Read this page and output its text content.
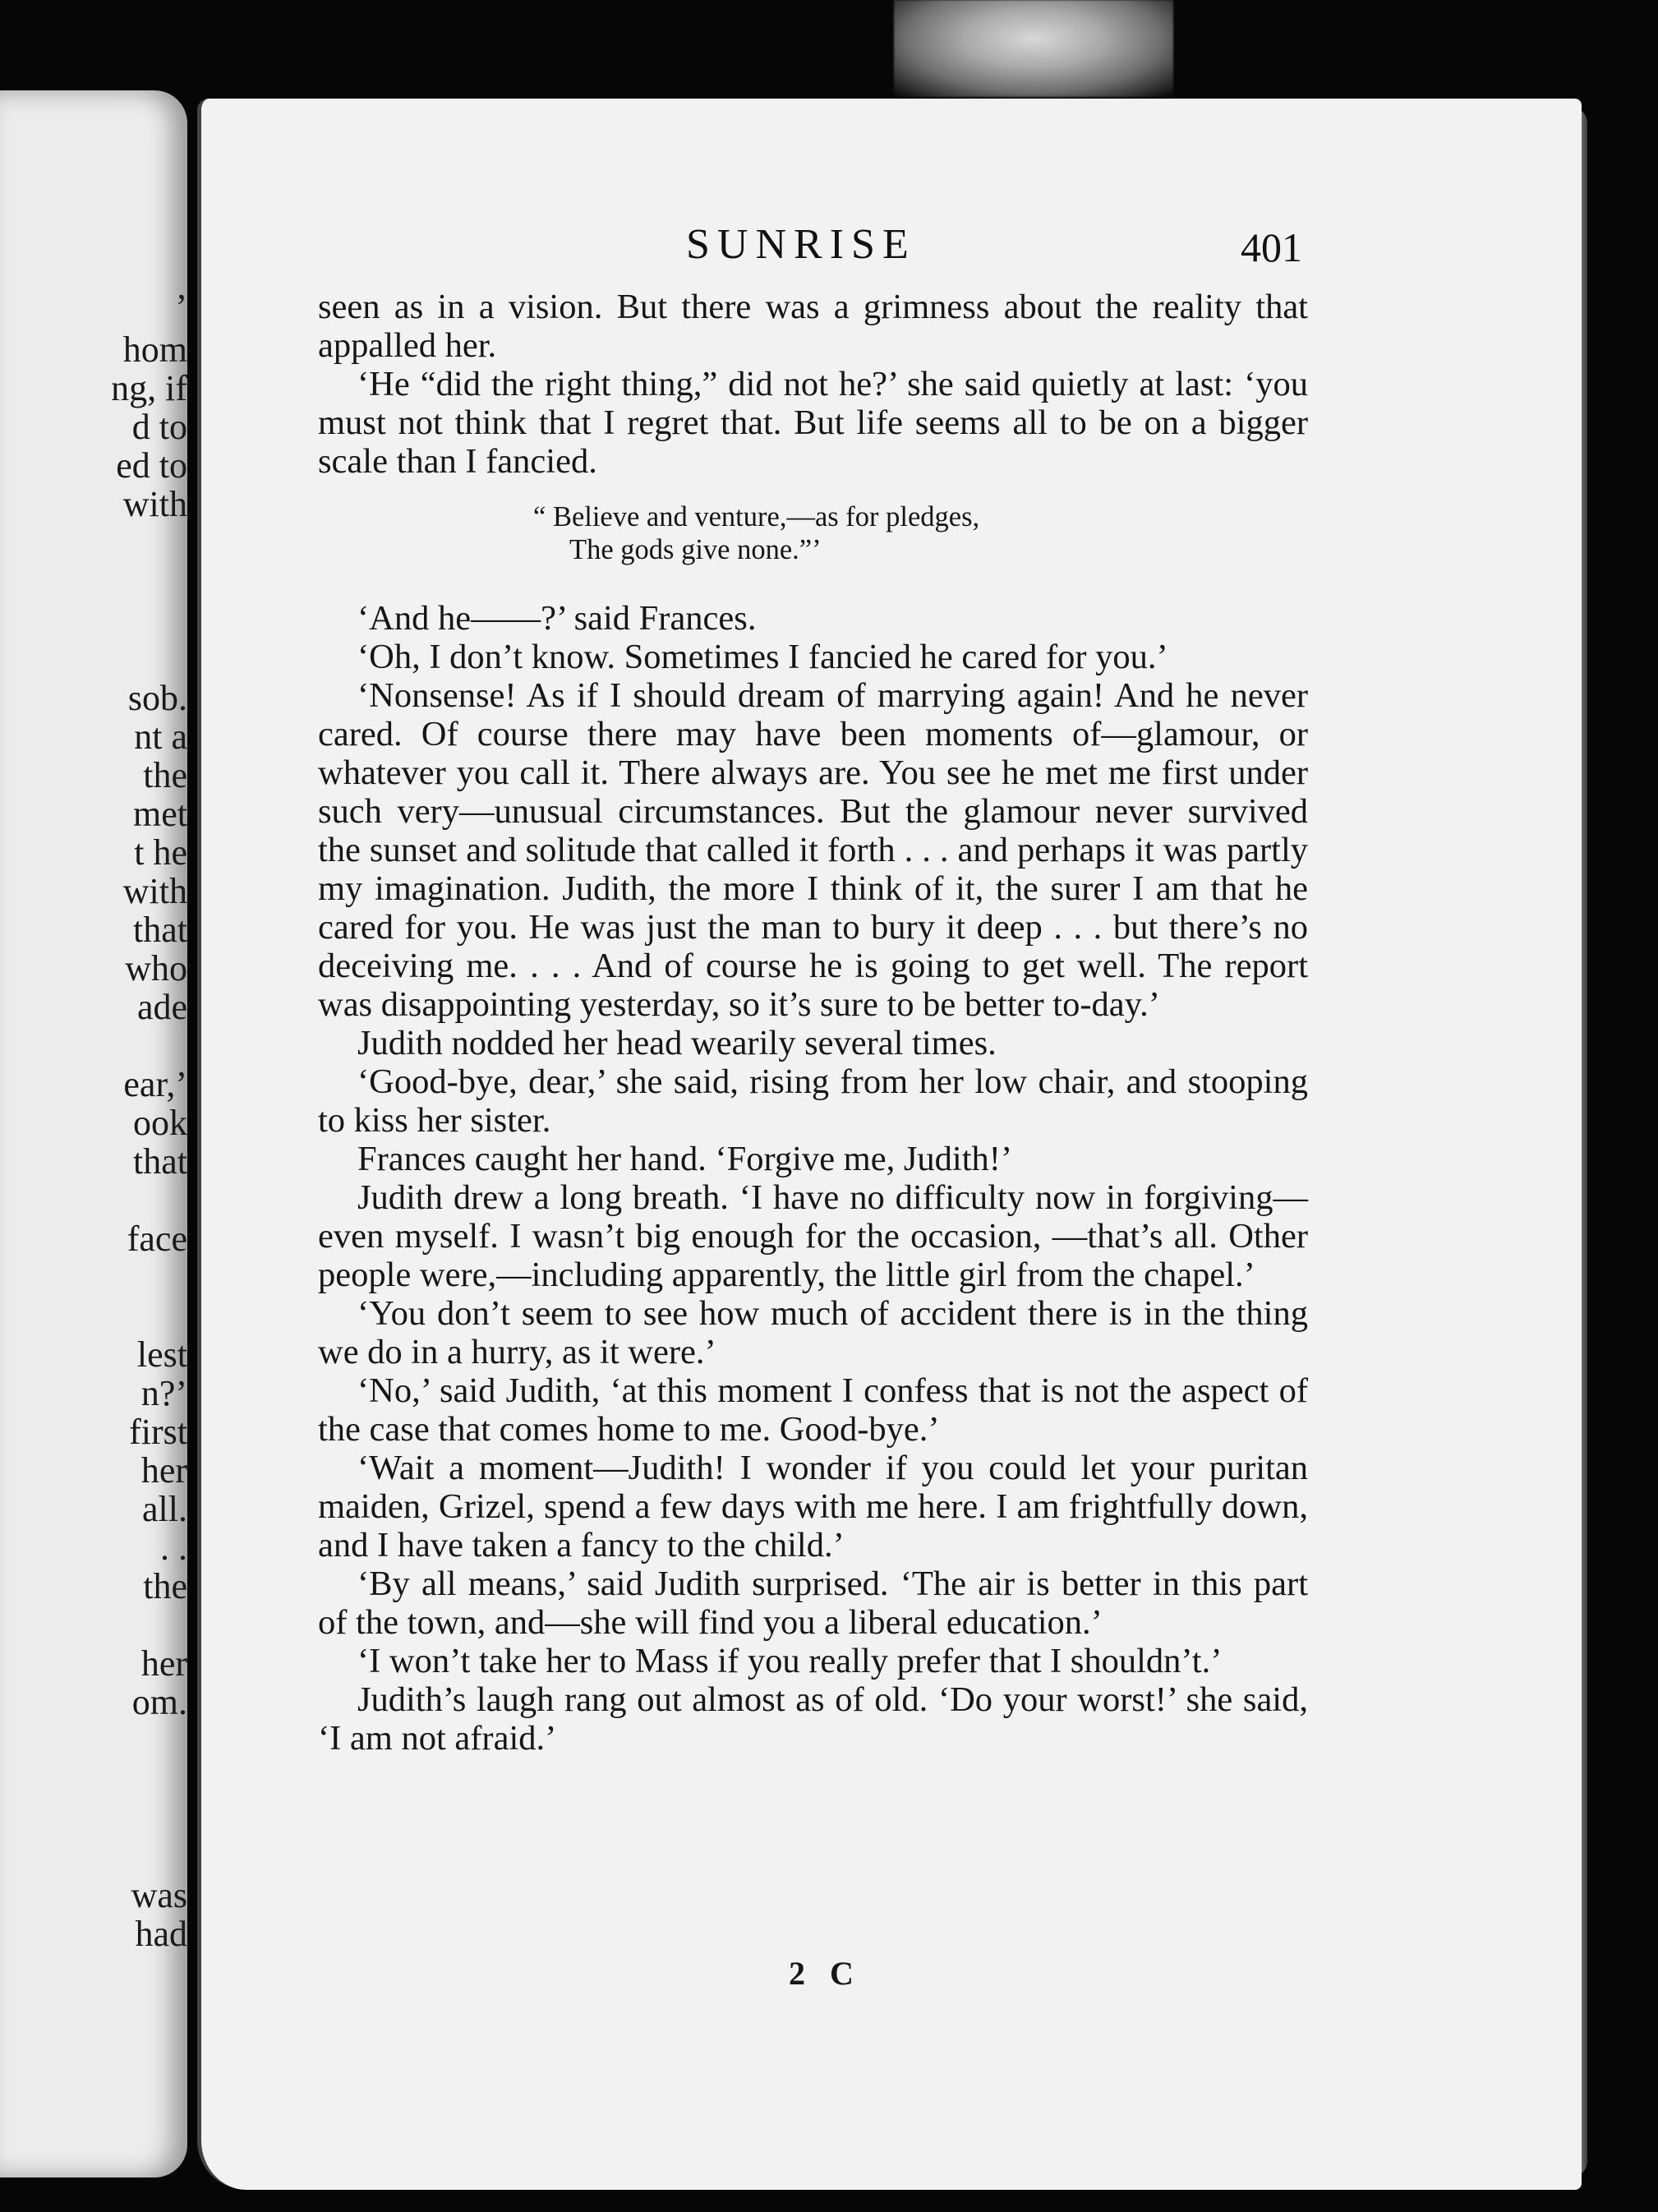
’

hom

ng, if

d to

ed to

with

sob.

nt a

the

met

t he

with

that

who

ade

ear,’

ook

that

face

lest

n?’

first

her

all.

. .

the

her

om.

was

had

SUNRISE	401

seen as in a vision. But there was a grimness about the reality that appalled her.

‘He “did the right thing,” did not he?’ she said quietly at last: ‘you must not think that I regret that. But life seems all to be on a bigger scale than I fancied.

“ Believe and venture,—as for pledges,
The gods give none.”’

‘And he——?’ said Frances.

‘Oh, I don’t know. Sometimes I fancied he cared for you.’

‘Nonsense! As if I should dream of marrying again! And he never cared. Of course there may have been moments of—glamour, or whatever you call it. There always are. You see he met me first under such very—unusual circumstances. But the glamour never survived the sunset and solitude that called it forth . . . and perhaps it was partly my imagination. Judith, the more I think of it, the surer I am that he cared for you. He was just the man to bury it deep . . . but there’s no deceiving me. . . . And of course he is going to get well. The report was disappointing yesterday, so it’s sure to be better to-day.’

Judith nodded her head wearily several times.

‘Good-bye, dear,’ she said, rising from her low chair, and stooping to kiss her sister.

Frances caught her hand. ‘Forgive me, Judith!’

Judith drew a long breath. ‘I have no difficulty now in forgiving—even myself. I wasn’t big enough for the occasion, —that’s all. Other people were,—including apparently, the little girl from the chapel.’

‘You don’t seem to see how much of accident there is in the thing we do in a hurry, as it were.’

‘No,’ said Judith, ‘at this moment I confess that is not the aspect of the case that comes home to me. Good-bye.’

‘Wait a moment—Judith! I wonder if you could let your puritan maiden, Grizel, spend a few days with me here. I am frightfully down, and I have taken a fancy to the child.’

‘By all means,’ said Judith surprised. ‘The air is better in this part of the town, and—she will find you a liberal education.’

‘I won’t take her to Mass if you really prefer that I shouldn’t.’

Judith’s laugh rang out almost as of old. ‘Do your worst!’ she said, ‘I am not afraid.’

2 C
